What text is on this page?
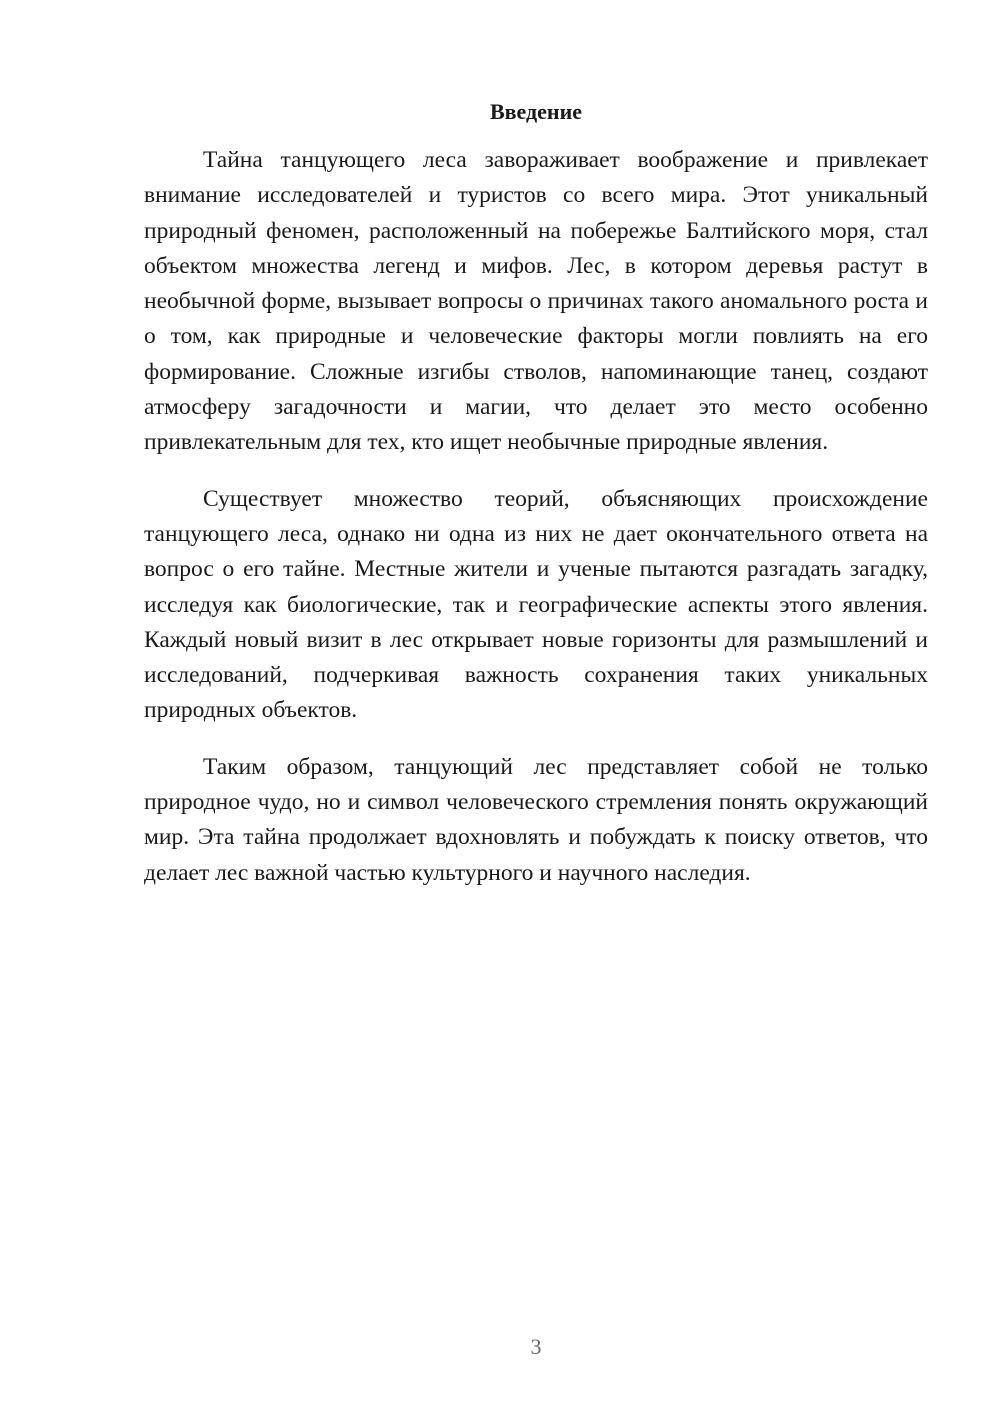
Введение

Тайна танцующего леса завораживает воображение и привлекает внимание исследователей и туристов со всего мира. Этот уникальный природный феномен, расположенный на побережье Балтийского моря, стал объектом множества легенд и мифов. Лес, в котором деревья растут в необычной форме, вызывает вопросы о причинах такого аномального роста и о том, как природные и человеческие факторы могли повлиять на его формирование. Сложные изгибы стволов, напоминающие танец, создают атмосферу загадочности и магии, что делает это место особенно привлекательным для тех, кто ищет необычные природные явления.

Существует множество теорий, объясняющих происхождение танцующего леса, однако ни одна из них не дает окончательного ответа на вопрос о его тайне. Местные жители и ученые пытаются разгадать загадку, исследуя как биологические, так и географические аспекты этого явления. Каждый новый визит в лес открывает новые горизонты для размышлений и исследований, подчеркивая важность сохранения таких уникальных природных объектов.

Таким образом, танцующий лес представляет собой не только природное чудо, но и символ человеческого стремления понять окружающий мир. Эта тайна продолжает вдохновлять и побуждать к поиску ответов, что делает лес важной частью культурного и научного наследия.

3
